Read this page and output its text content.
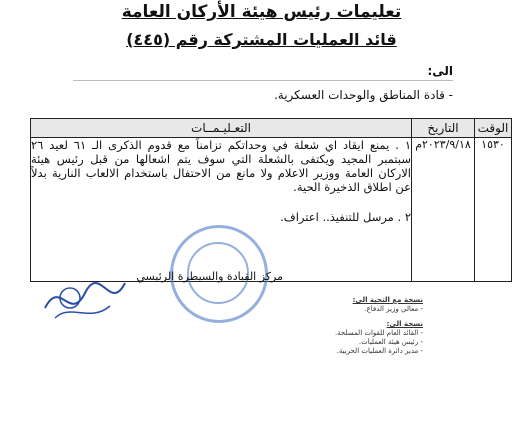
تعليمات رئيس هيئة الأركان العامة
قائد العمليات المشتركة رقم (٤٤٥)
الى:
- قادة المناطق والوحدات العسكرية.
الوقت	التاريخ	التعـليـمــات
١٥٣٠	٢٠٢٣/٩/١٨م	١ . يمنع ايقاد اي شعلة في وحداتكم تزامناً مع قدوم الذكرى الـ ٦١ لعيد ٢٦ سبتمبر المجيد ويكتفى بالشعلة التي سوف يتم اشعالها من قبل رئيس هيئة الاركان العامة ووزير الاعلام ولا مانع من الاحتفال باستخدام الالعاب النارية بدلاً عن اطلاق الذخيرة الحية.
٢ . مرسل للتنفيذ.. اعتراف.
مركز القيادة والسيطرة الرئيسي
نسخة مع التحية الى:
- معالي وزير الدفاع.
نسخة الى:
- القائد العام للقوات المسلحة.
- رئيس هيئة العمليات.
- مدير دائرة العمليات الحربية.
